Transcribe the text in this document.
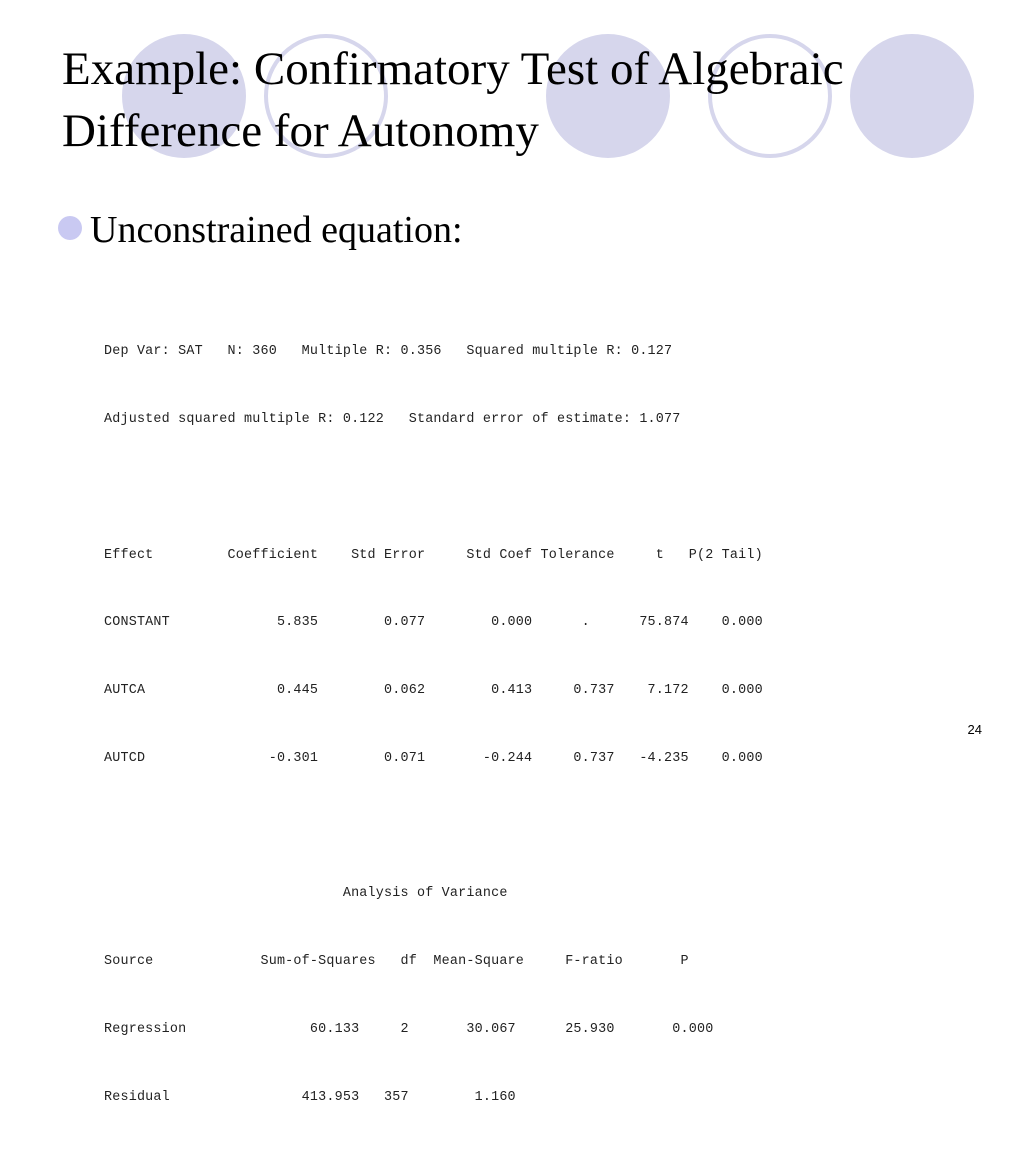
Example: Confirmatory Test of Algebraic
Difference for Autonomy
Unconstrained equation:

Dep Var: SAT   N: 360   Multiple R: 0.356   Squared multiple R: 0.127

Adjusted squared multiple R: 0.122   Standard error of estimate: 1.077

Effect         Coefficient    Std Error     Std Coef Tolerance     t   P(2 Tail)

CONSTANT             5.835        0.077        0.000      .      75.874    0.000

AUTCA                0.445        0.062        0.413     0.737    7.172    0.000

AUTCD               -0.301        0.071       -0.244     0.737   -4.235    0.000

Analysis of Variance

Source             Sum-of-Squares   df  Mean-Square     F-ratio       P

Regression               60.133     2       30.067      25.930       0.000

Residual                413.953   357        1.160

24
